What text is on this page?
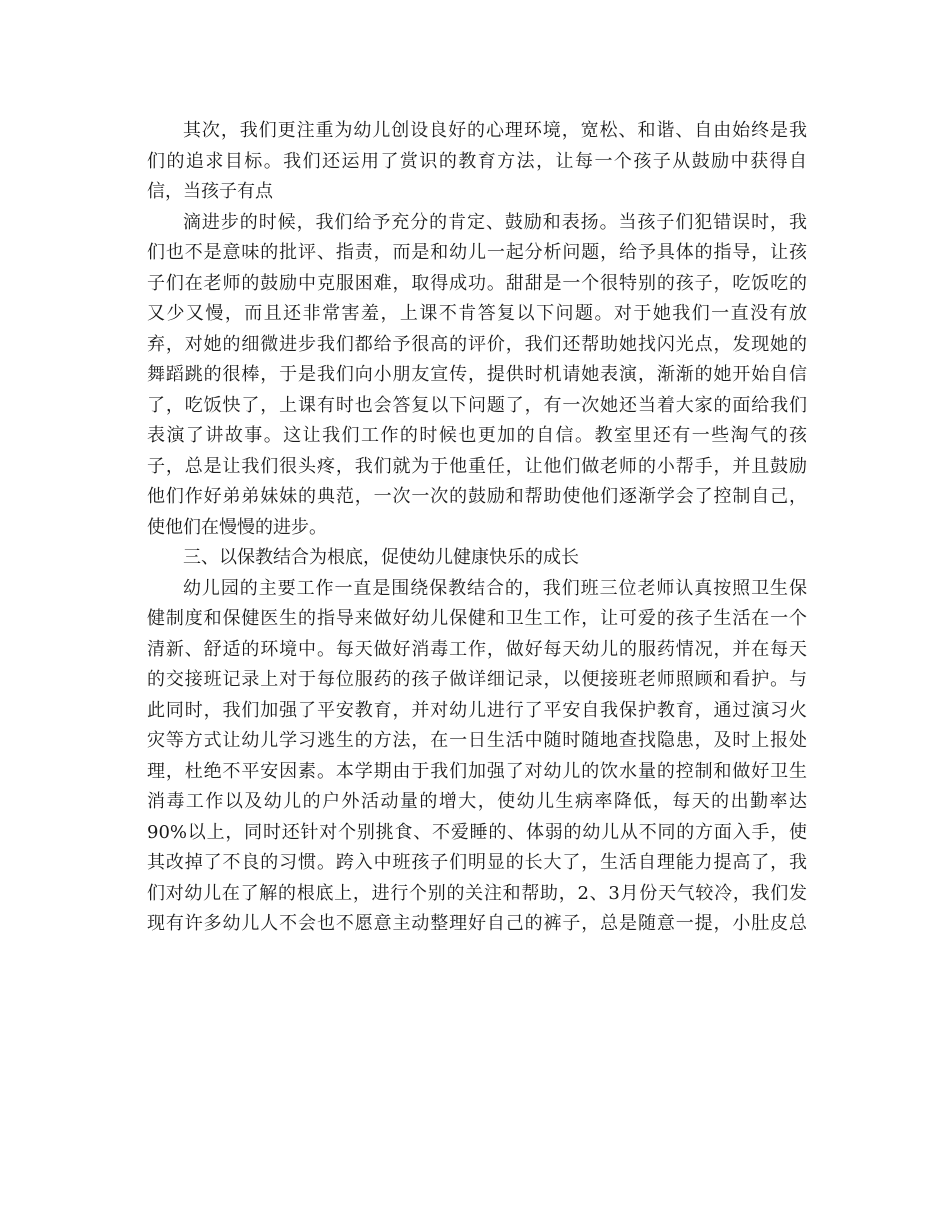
其次，我们更注重为幼儿创设良好的心理环境，宽松、和谐、自由始终是我
们的追求目标。我们还运用了赏识的教育方法，让每一个孩子从鼓励中获得自
信，当孩子有点
滴进步的时候，我们给予充分的肯定、鼓励和表扬。当孩子们犯错误时，我
们也不是意味的批评、指责，而是和幼儿一起分析问题，给予具体的指导，让孩
子们在老师的鼓励中克服困难，取得成功。甜甜是一个很特别的孩子，吃饭吃的
又少又慢，而且还非常害羞，上课不肯答复以下问题。对于她我们一直没有放
弃，对她的细微进步我们都给予很高的评价，我们还帮助她找闪光点，发现她的
舞蹈跳的很棒，于是我们向小朋友宣传，提供时机请她表演，渐渐的她开始自信
了，吃饭快了，上课有时也会答复以下问题了，有一次她还当着大家的面给我们
表演了讲故事。这让我们工作的时候也更加的自信。教室里还有一些淘气的孩
子，总是让我们很头疼，我们就为于他重任，让他们做老师的小帮手，并且鼓励
他们作好弟弟妹妹的典范，一次一次的鼓励和帮助使他们逐渐学会了控制自己，
使他们在慢慢的进步。
三、以保教结合为根底，促使幼儿健康快乐的成长
幼儿园的主要工作一直是围绕保教结合的，我们班三位老师认真按照卫生保
健制度和保健医生的指导来做好幼儿保健和卫生工作，让可爱的孩子生活在一个
清新、舒适的环境中。每天做好消毒工作，做好每天幼儿的服药情况，并在每天
的交接班记录上对于每位服药的孩子做详细记录，以便接班老师照顾和看护。与
此同时，我们加强了平安教育，并对幼儿进行了平安自我保护教育，通过演习火
灾等方式让幼儿学习逃生的方法，在一日生活中随时随地查找隐患，及时上报处
理，杜绝不平安因素。本学期由于我们加强了对幼儿的饮水量的控制和做好卫生
消毒工作以及幼儿的户外活动量的增大，使幼儿生病率降低，每天的出勤率达
90%以上，同时还针对个别挑食、不爱睡的、体弱的幼儿从不同的方面入手，使
其改掉了不良的习惯。跨入中班孩子们明显的长大了，生活自理能力提高了，我
们对幼儿在了解的根底上，进行个别的关注和帮助，2、3月份天气较冷，我们发
现有许多幼儿人不会也不愿意主动整理好自己的裤子，总是随意一提，小肚皮总
